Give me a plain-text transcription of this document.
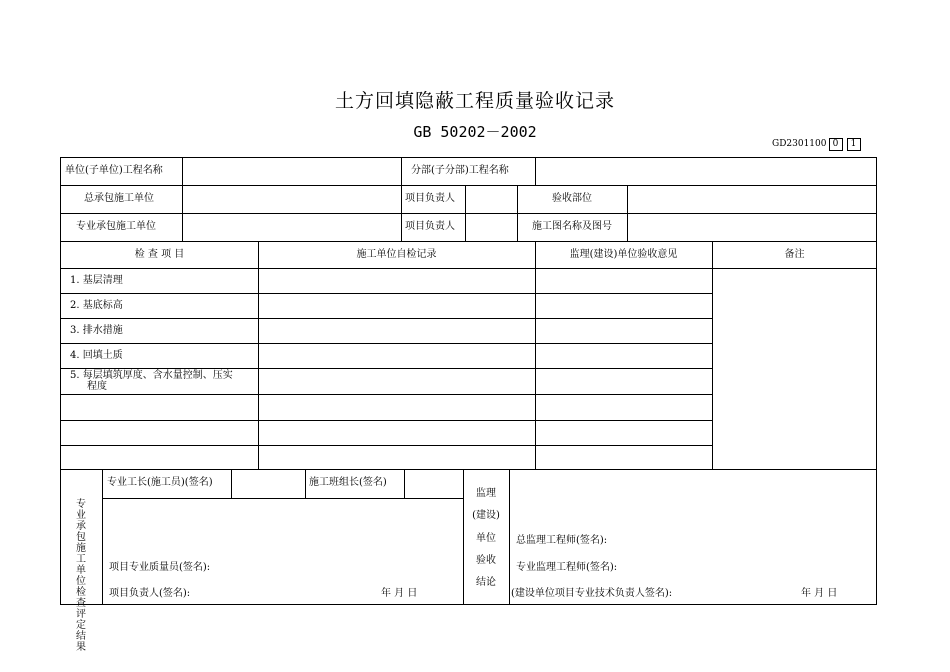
土方回填隐蔽工程质量验收记录
GB 50202－2002
GD2301100 0 1
单位(子单位)工程名称	分部(子分部)工程名称
总承包施工单位	项目负责人	验收部位
专业承包施工单位	项目负责人	施工图名称及图号
检 查 项 目	施工单位自检记录	监理(建设)单位验收意见	备注
1. 基层清理
2. 基底标高
3. 排水措施
4. 回填土质
5. 每层填筑厚度、含水量控制、压实
程度
专业承包施工单位检查评定结果
专业工长(施工员)(签名)	施工班组长(签名)
项目专业质量员(签名):
项目负责人(签名):	年 月 日
监理
(建设)
单位
验收
结论
总监理工程师(签名):
专业监理工程师(签名):
(建设单位项目专业技术负责人签名):	年 月 日
